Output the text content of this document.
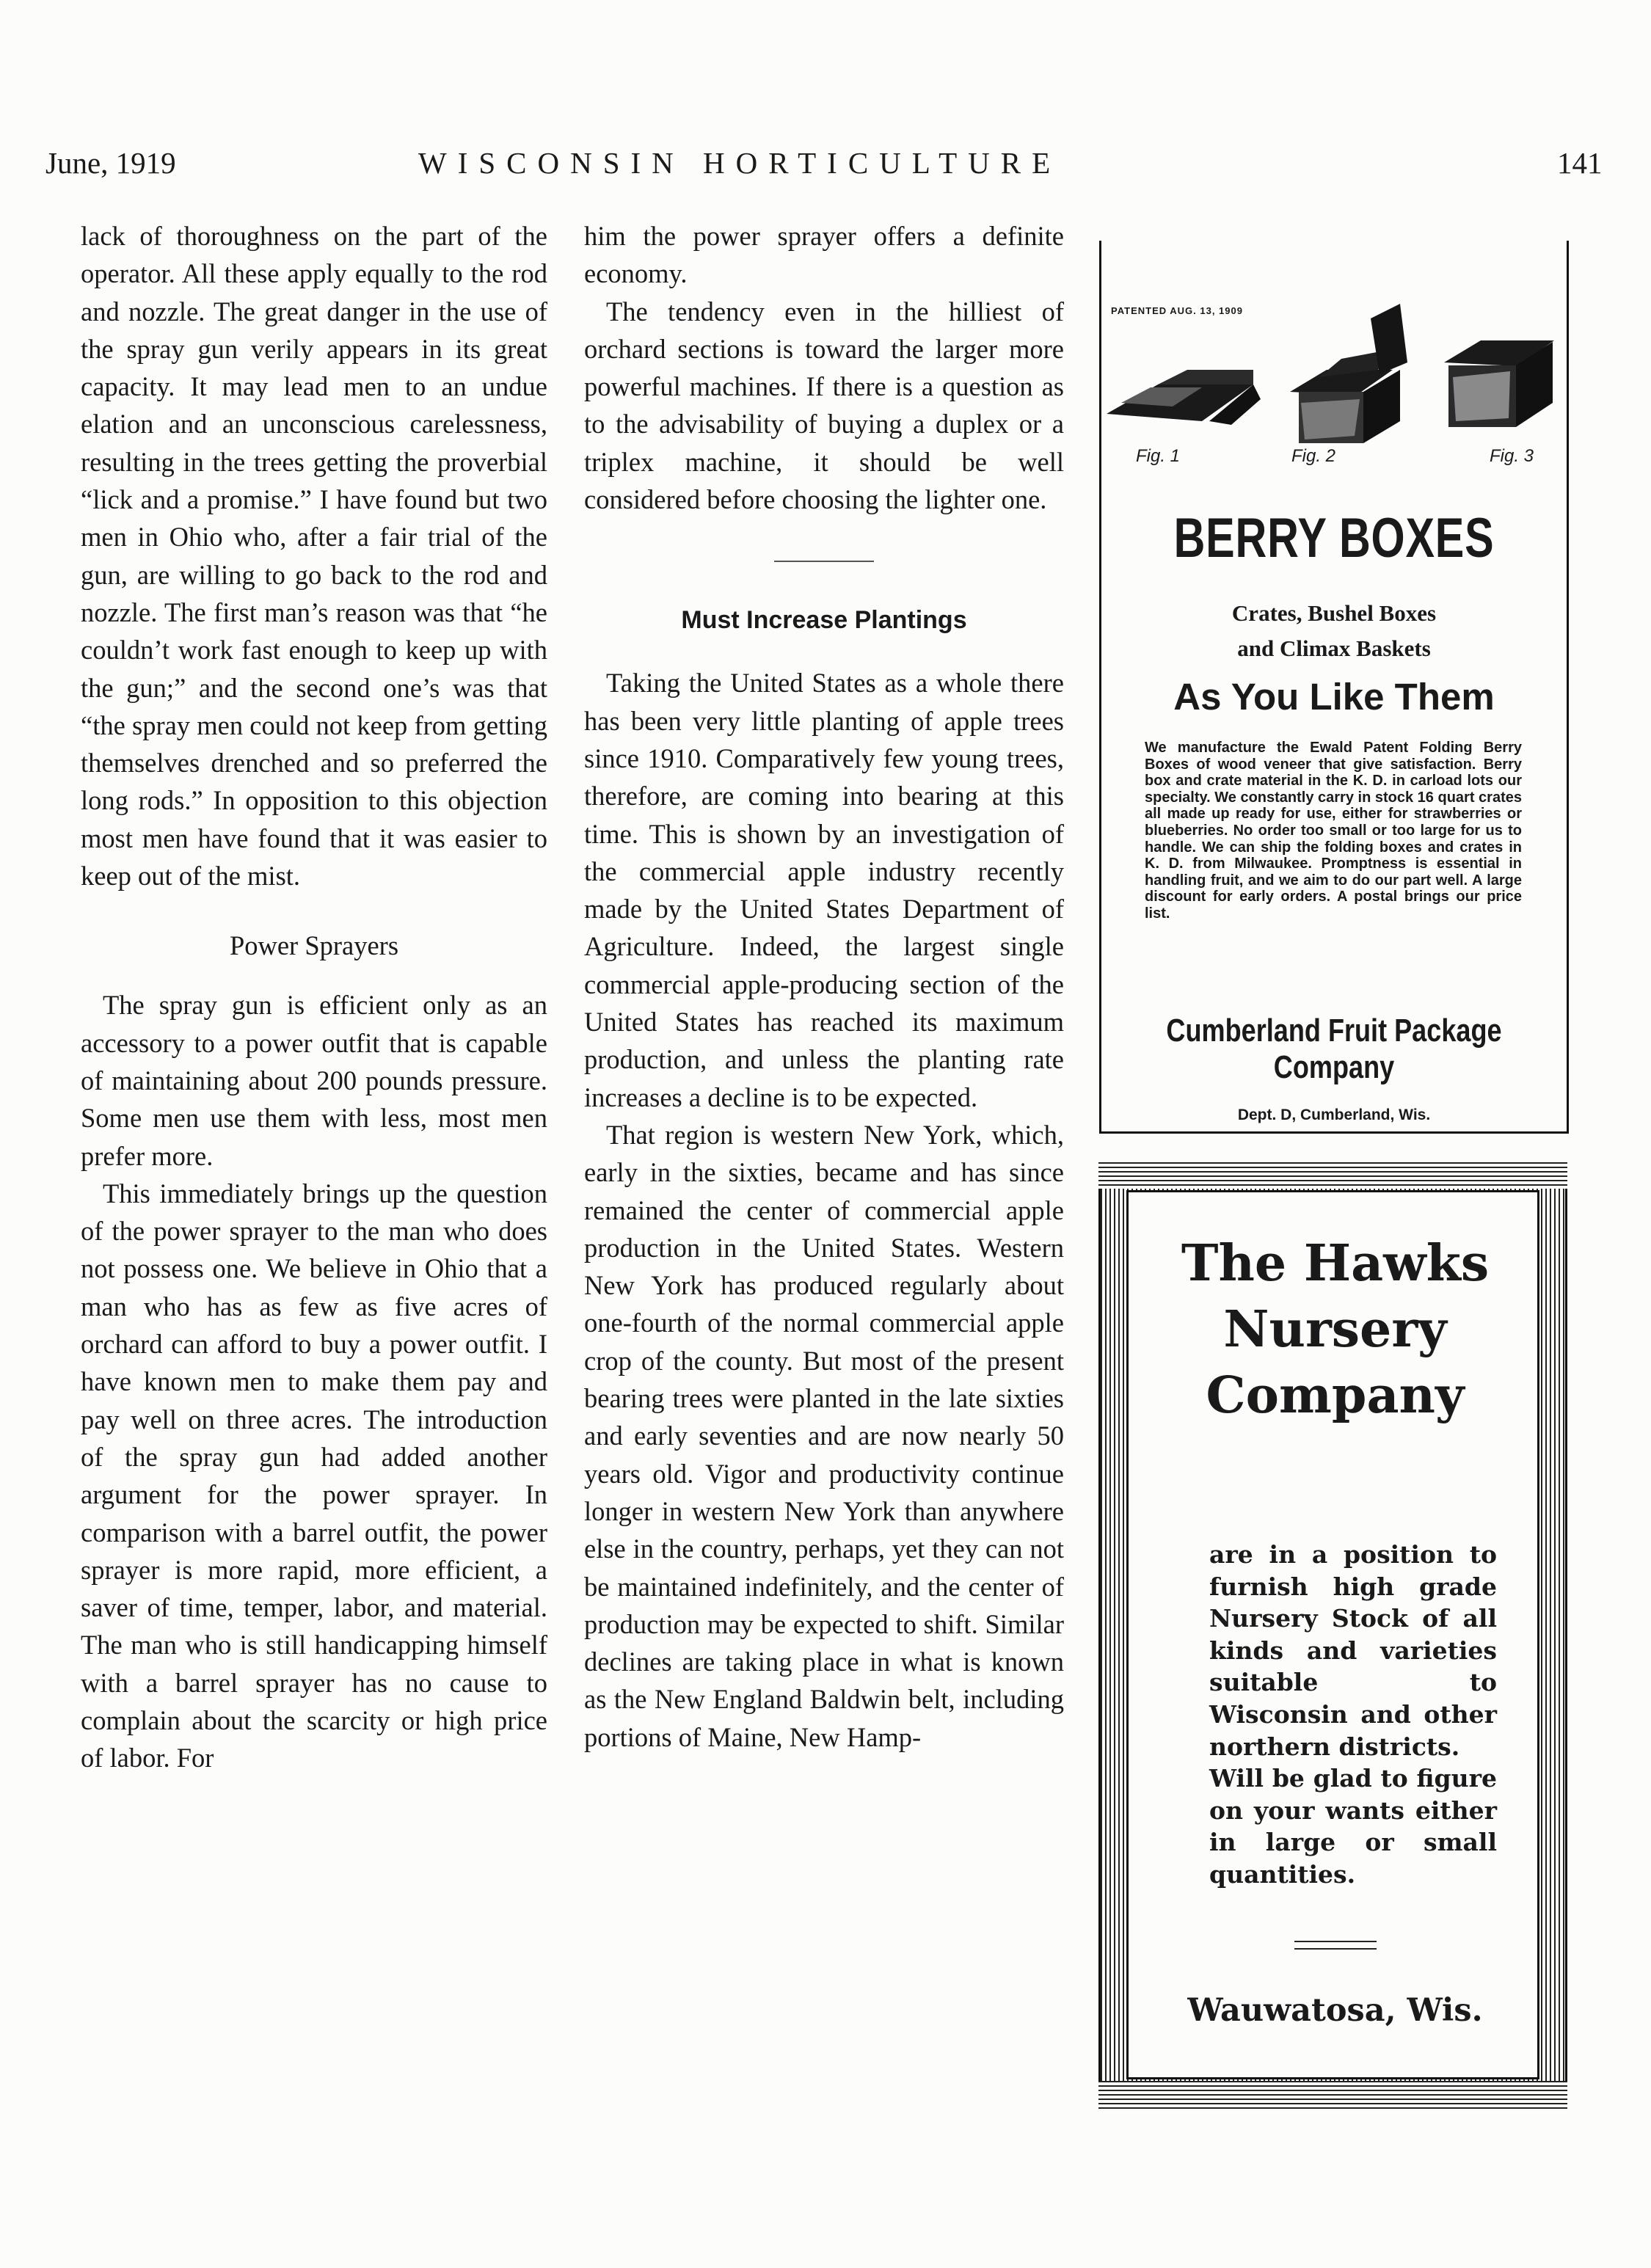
June, 1919	WISCONSIN HORTICULTURE	141

lack of thoroughness on the part of the operator. All these apply equally to the rod and nozzle. The great danger in the use of the spray gun verily appears in its great capacity. It may lead men to an undue elation and an unconscious carelessness, resulting in the trees getting the proverbial “lick and a promise.” I have found but two men in Ohio who, after a fair trial of the gun, are willing to go back to the rod and nozzle. The first man’s reason was that “he couldn’t work fast enough to keep up with the gun;” and the second one’s was that “the spray men could not keep from getting themselves drenched and so preferred the long rods.” In opposition to this objection most men have found that it was easier to keep out of the mist.

Power Sprayers

The spray gun is efficient only as an accessory to a power outfit that is capable of maintaining about 200 pounds pressure. Some men use them with less, most men prefer more.

This immediately brings up the question of the power sprayer to the man who does not possess one. We believe in Ohio that a man who has as few as five acres of orchard can afford to buy a power outfit. I have known men to make them pay and pay well on three acres. The introduction of the spray gun had added another argument for the power sprayer. In comparison with a barrel outfit, the power sprayer is more rapid, more efficient, a saver of time, temper, labor, and material. The man who is still handicapping himself with a barrel sprayer has no cause to complain about the scarcity or high price of labor. For

him the power sprayer offers a definite economy.

The tendency even in the hilliest of orchard sections is toward the larger more powerful machines. If there is a question as to the advisability of buying a duplex or a triplex machine, it should be well considered before choosing the lighter one.

Must Increase Plantings

Taking the United States as a whole there has been very little planting of apple trees since 1910. Comparatively few young trees, therefore, are coming into bearing at this time. This is shown by an investigation of the commercial apple industry recently made by the United States Department of Agriculture. Indeed, the largest single commercial apple-producing section of the United States has reached its maximum production, and unless the planting rate increases a decline is to be expected.

That region is western New York, which, early in the sixties, became and has since remained the center of commercial apple production in the United States. Western New York has produced regularly about one-fourth of the normal commercial apple crop of the county. But most of the present bearing trees were planted in the late sixties and early seventies and are now nearly 50 years old. Vigor and productivity continue longer in western New York than anywhere else in the country, perhaps, yet they can not be maintained indefinitely, and the center of production may be expected to shift. Similar declines are taking place in what is known as the New England Baldwin belt, including portions of Maine, New Hamp-

PATENTED AUG. 13, 1909
Fig. 1	Fig. 2	Fig. 3
BERRY BOXES
Crates, Bushel Boxes
and Climax Baskets
As You Like Them
We manufacture the Ewald Patent Folding Berry Boxes of wood veneer that give satisfaction. Berry box and crate material in the K. D. in carload lots our specialty. We constantly carry in stock 16 quart crates all made up ready for use, either for strawberries or blueberries. No order too small or too large for us to handle. We can ship the folding boxes and crates in K. D. from Milwaukee. Promptness is essential in handling fruit, and we aim to do our part well. A large discount for early orders. A postal brings our price list.
Cumberland Fruit Package
Company
Dept. D, Cumberland, Wis.
The Hawks
Nursery
Company
are in a position to furnish high grade Nursery Stock of all kinds and varieties suitable to Wisconsin and other northern districts.
Will be glad to figure on your wants either in large or small quantities.
Wauwatosa, Wis.
